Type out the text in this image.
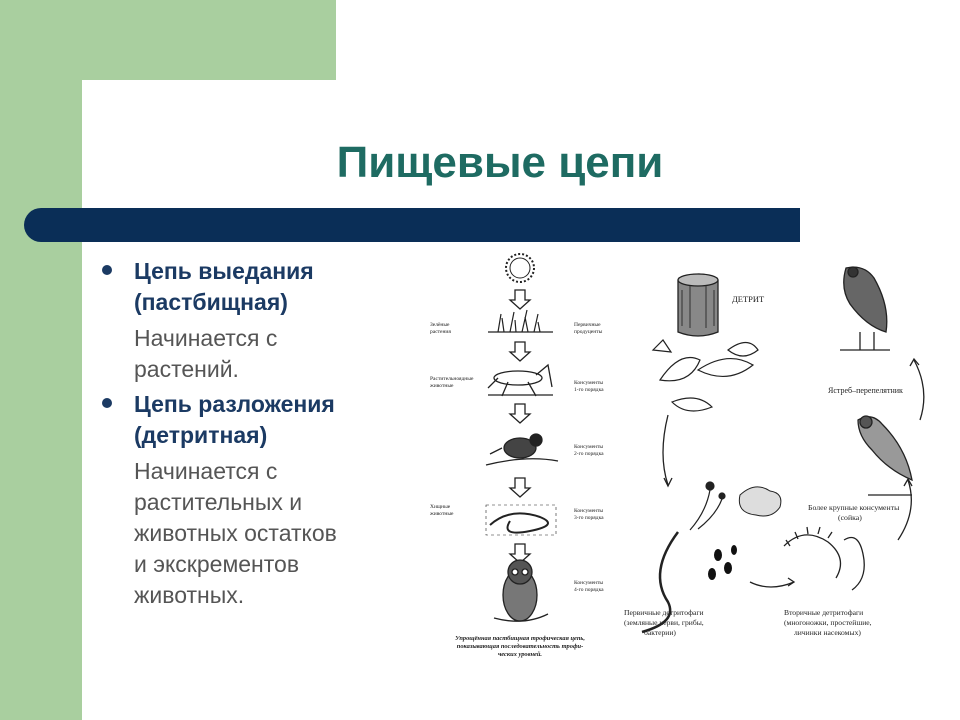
Пищевые цепи
Цепь выедания
(пастбищная)
Начинается с
растений.
Цепь разложения
(детритная)
Начинается с
растительных и
животных остатков
и экскрементов
животных.
Зелёные
растения
Растительноядные
животные
Хищные
животные
Первичные
продуценты
Консументы
1-го порядка
Консументы
2-го порядка
Консументы
3-го порядка
Консументы
4-го порядка
Упрощённая пастбищная трофическая цепь,
показывающая последовательность трофи-
ческих уровней.
ДЕТРИТ
Ястреб–перепелятник
Более крупные консументы
(сойка)
Первичные детритофаги
(земляные черви, грибы,
бактерии)
Вторичные детритофаги
(многоножки, простейшие,
личинки насекомых)
